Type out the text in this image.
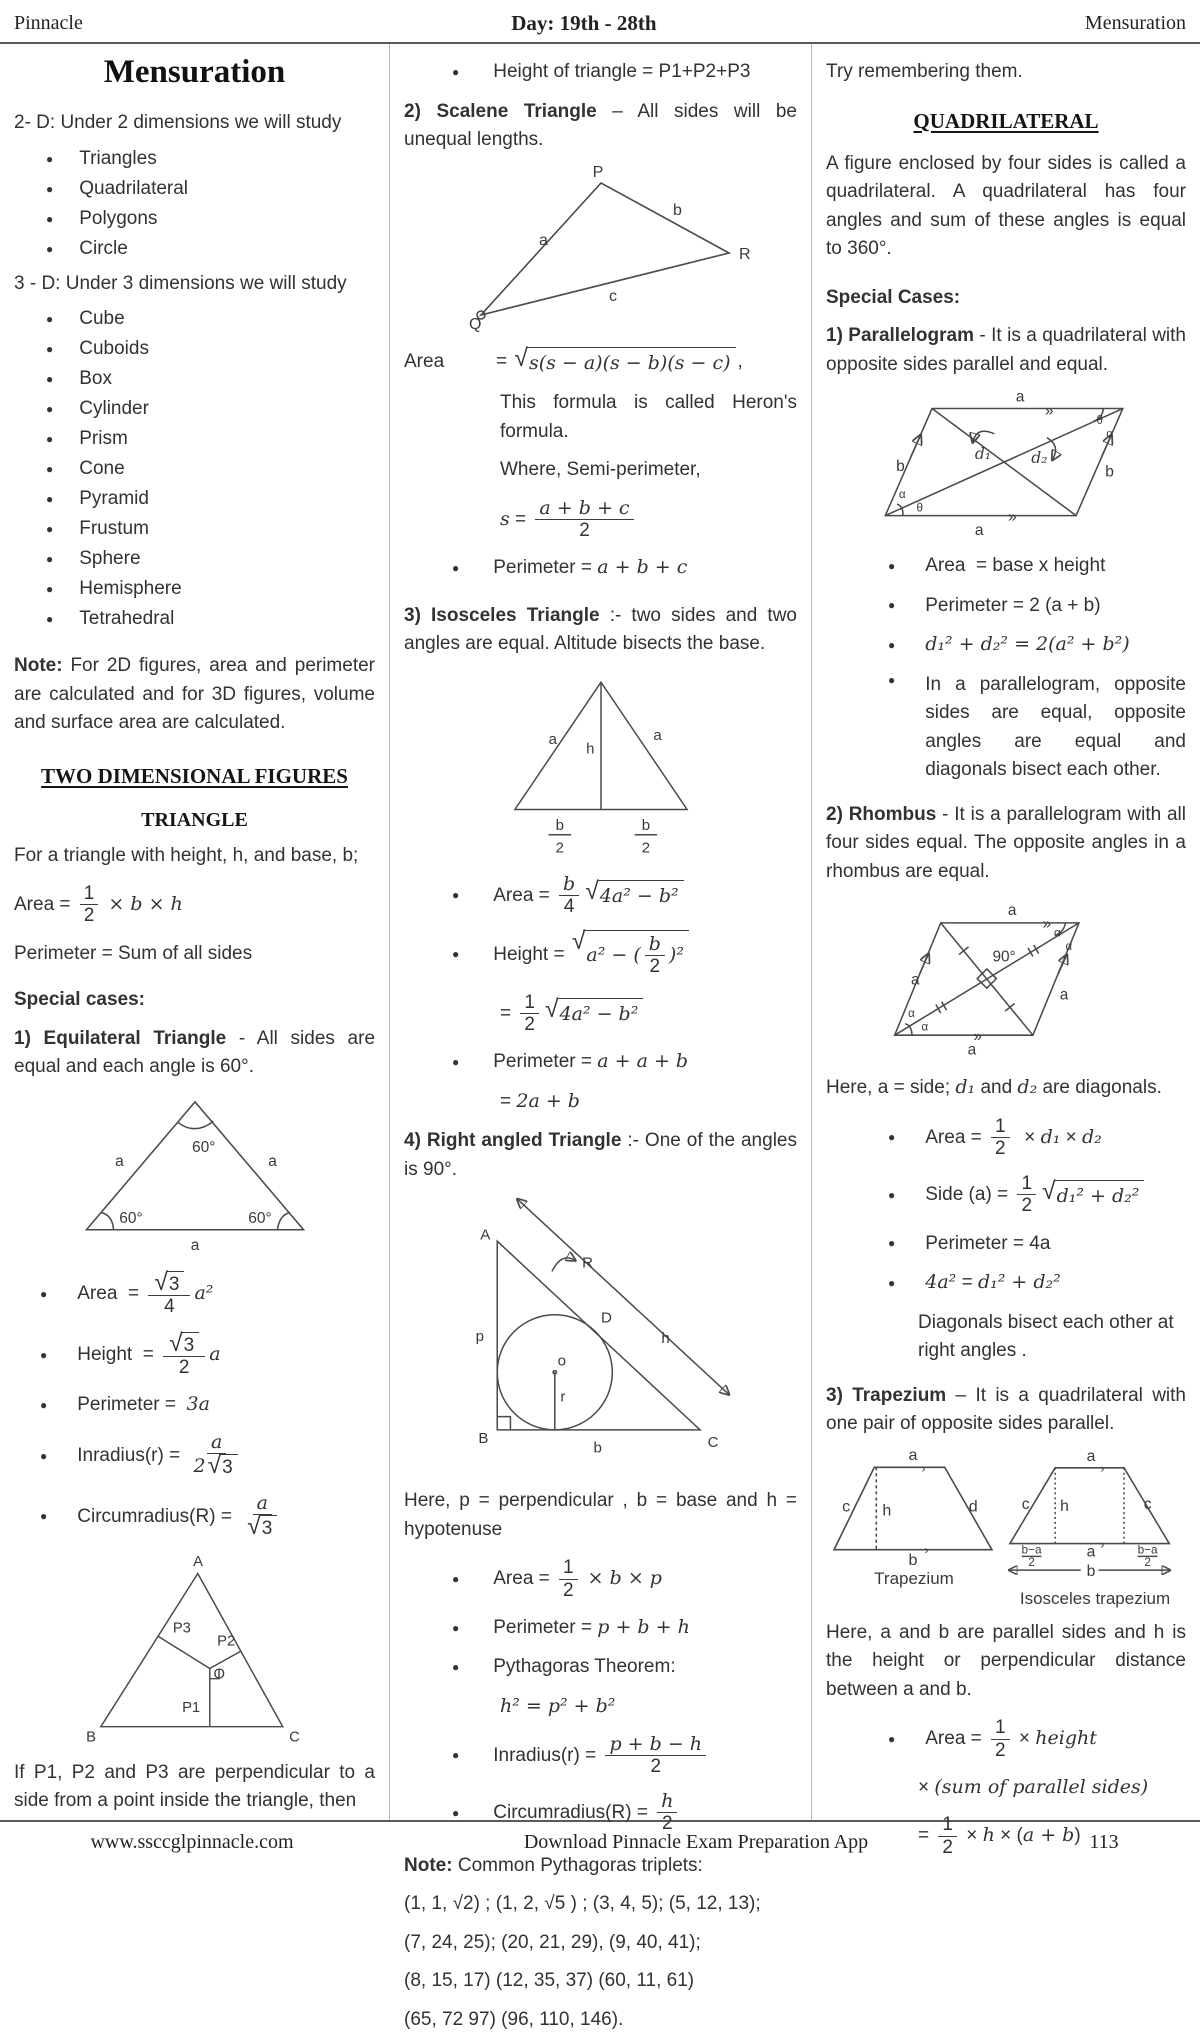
Pinnacle	Day: 19th - 28th	Mensuration
Mensuration
2- D: Under 2 dimensions we will study
● Triangles
● Quadrilateral
● Polygons
● Circle
3 - D: Under 3 dimensions we will study
● Cube
● Cuboids
● Box
● Cylinder
● Prism
● Cone
● Pyramid
● Frustum
● Sphere
● Hemisphere
● Tetrahedral
Note: For 2D figures, area and perimeter are calculated and for 3D figures, volume and surface area are calculated.
TWO DIMENSIONAL FIGURES
TRIANGLE
For a triangle with height, h, and base, b;
Area = $\frac{1}{2} \times b \times h$
Perimeter = Sum of all sides
Special cases:
1) Equilateral Triangle - All sides are equal and each angle is 60°.
60°
60°	60°
a	a
a
● Area  = $\frac{√ 3}{4} a^2$
● Height  = $\frac{√ 3}{2}$ a
● Perimeter = 3a
● Inradius(r) = $\frac{a}{2 √ 3}$
● Circumradius(R) = $\frac{a}{√ 3}$
A
B	C
P3
P2
O
P1
If P1, P2 and P3 are perpendicular to a side from a point inside the triangle, then
● Height of triangle = P1+P2+P3
2) Scalene Triangle – All sides will be unequal lengths.
P
Q
R
a
b
c
Area	= √ s(s − a)(s − b)(s − c) ,
This formula is called Heron's formula.
Where, Semi-perimeter,
$s = \frac{a + b + c}{2}$
● Perimeter = a + b + c
3) Isosceles Triangle :- two sides and two angles are equal. Altitude bisects the base.
a	a
h
b
2
b
2
● Area = $\frac{b}{4}$ √ 4a² − b²
● Height = √ a² − ( $\frac{b}{2} )^2$
= $\frac{1}{2}$ √ 4a² − b²
● Perimeter = a + a + b
= 2a + b
4) Right angled Triangle :- One of the angles is 90°.
A
B	C
p
b
h
R
D
o
r
Here, p = perpendicular , b = base and h = hypotenuse
● Area = $\frac{1}{2} \times b \times p$
● Perimeter = p + b + h
● Pythagoras Theorem:
h² = p² + b²
● Inradius(r) = $\frac{p + b - h}{2}$
● Circumradius(R) = $\frac{h}{2}$
Note: Common Pythagoras triplets:
(1, 1, √2) ; (1, 2, √5 ) ; (3, 4, 5); (5, 12, 13);
(7, 24, 25); (20, 21, 29), (9, 40, 41);
(8, 15, 17) (12, 35, 37) (60, 11, 61)
(65, 72 97) (96, 110, 146).
Try remembering them.
QUADRILATERAL
A figure enclosed by four sides is called a quadrilateral. A quadrilateral has four angles and sum of these angles is equal to 360°.
Special Cases:
1) Parallelogram - It is a quadrilateral with opposite sides parallel and equal.
a
»
a
»
b	b
d₁	d₂
θ
α
α
θ
● Area  = base x height
● Perimeter = 2 (a + b)
● d₁² + d₂² = 2(a² + b²)
● In a parallelogram, opposite sides are equal, opposite angles are equal and diagonals bisect each other.
2) Rhombus - It is a parallelogram with all four sides equal. The opposite angles in a rhombus are equal.
a
»
a
»
a
a
90°
α
α
α
α
Here, a = side; d₁ and d₂ are diagonals.
● Area = $\frac{1}{2} \times d_1 \times d_2$
● Side $(a) = \frac{1}{2}$ √ d₁² + d₂²
● Perimeter = 4a
● 4a² = d₁² + d₂²
Diagonals bisect each other at right angles .
3) Trapezium – It is a quadrilateral with one pair of opposite sides parallel.
a
›
c	d
h
b
›
Trapezium
a
›
c	c
h
b−a
2
a ›	b−a
2
b
Isosceles trapezium
Here, a and b are parallel sides and h is the height or perpendicular distance between a and b.
● Area = $\frac{1}{2}$ × height
× (sum of parallel sides)
= $\frac{1}{2} \times h$ × ( a + b )
www.ssccglpinnacle.com	Download Pinnacle Exam Preparation App	113
